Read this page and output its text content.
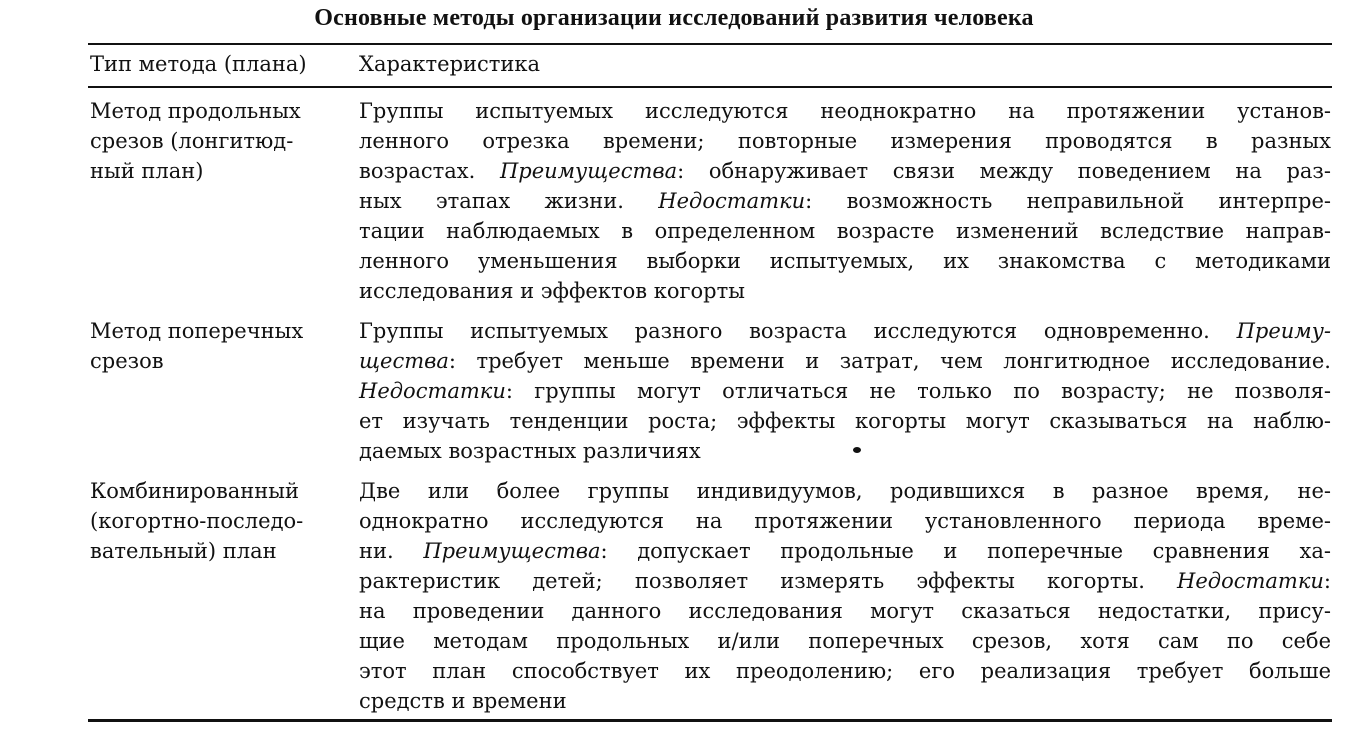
Основные методы организации исследований развития человека
Тип метода (плана)	Характеристика
Метод продольных
срезов (лонгитюд-
ный план)
Группы испытуемых исследуются неоднократно на протяжении установ-
ленного отрезка времени; повторные измерения проводятся в разных
возрастах. Преимущества: обнаруживает связи между поведением на раз-
ных этапах жизни. Недостатки: возможность неправильной интерпре-
тации наблюдаемых в определенном возрасте изменений вследствие направ-
ленного уменьшения выборки испытуемых, их знакомства с методиками
исследования и эффектов когорты
Метод поперечных
срезов
Группы испытуемых разного возраста исследуются одновременно. Преиму-
щества: требует меньше времени и затрат, чем лонгитюдное исследование.
Недостатки: группы могут отличаться не только по возрасту; не позволя-
ет изучать тенденции роста; эффекты когорты могут сказываться на наблю-
даемых возрастных различиях
Комбинированный
(когортно-последо-
вательный) план
Две или более группы индивидуумов, родившихся в разное время, не-
однократно исследуются на протяжении установленного периода време-
ни. Преимущества: допускает продольные и поперечные сравнения ха-
рактеристик детей; позволяет измерять эффекты когорты. Недостатки:
на проведении данного исследования могут сказаться недостатки, прису-
щие методам продольных и/или поперечных срезов, хотя сам по себе
этот план способствует их преодолению; его реализация требует больше
средств и времени
